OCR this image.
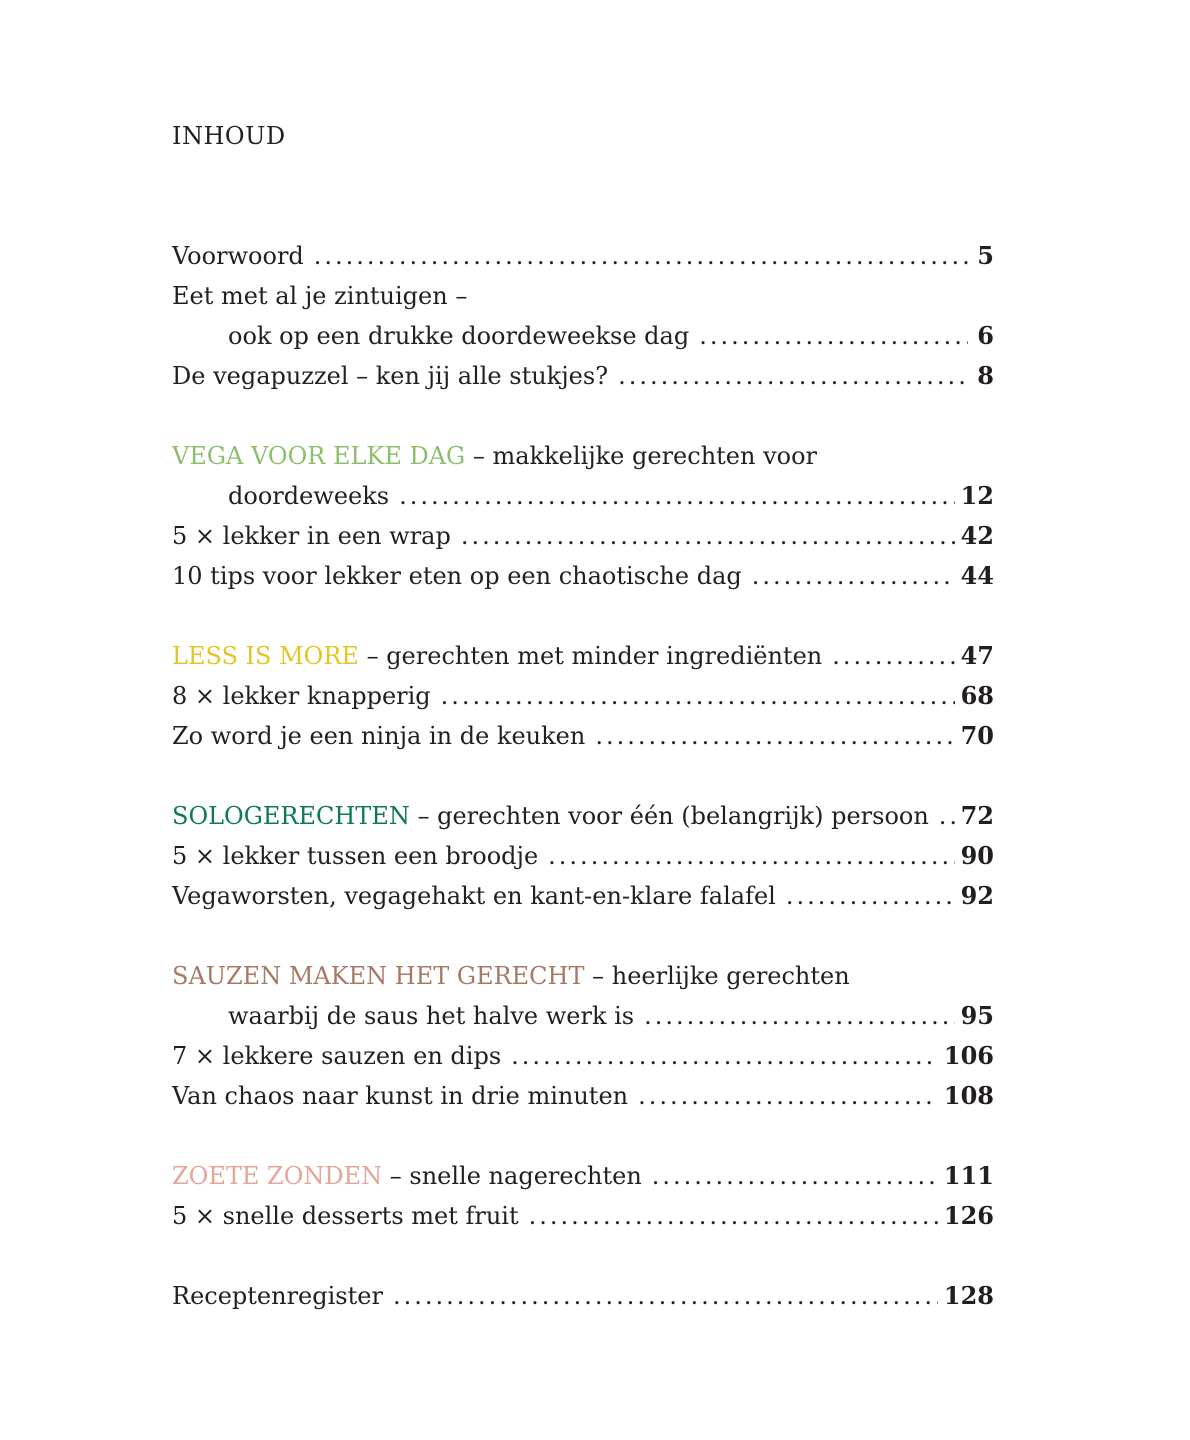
INHOUD
Voorwoord .....	5
Eet met al je zintuigen –
ook op een drukke doordeweekse dag .....	6
De vegapuzzel – ken jij alle stukjes? .....	8
VEGA VOOR ELKE DAG – makkelijke gerechten voor
doordeweeks .....	12
5 × lekker in een wrap .....	42
10 tips voor lekker eten op een chaotische dag .....	44
LESS IS MORE – gerechten met minder ingrediënten .....	47
8 × lekker knapperig .....	68
Zo word je een ninja in de keuken .....	70
SOLOGERECHTEN – gerechten voor één (belangrijk) persoon ..... 72
5 × lekker tussen een broodje .....	90
Vegaworsten, vegagehakt en kant-en-klare falafel .....	92
SAUZEN MAKEN HET GERECHT – heerlijke gerechten
waarbij de saus het halve werk is .....	95
7 × lekkere sauzen en dips .....	106
Van chaos naar kunst in drie minuten .....	108
ZOETE ZONDEN – snelle nagerechten .....	111
5 × snelle desserts met fruit .....	126
Receptenregister .....	128
